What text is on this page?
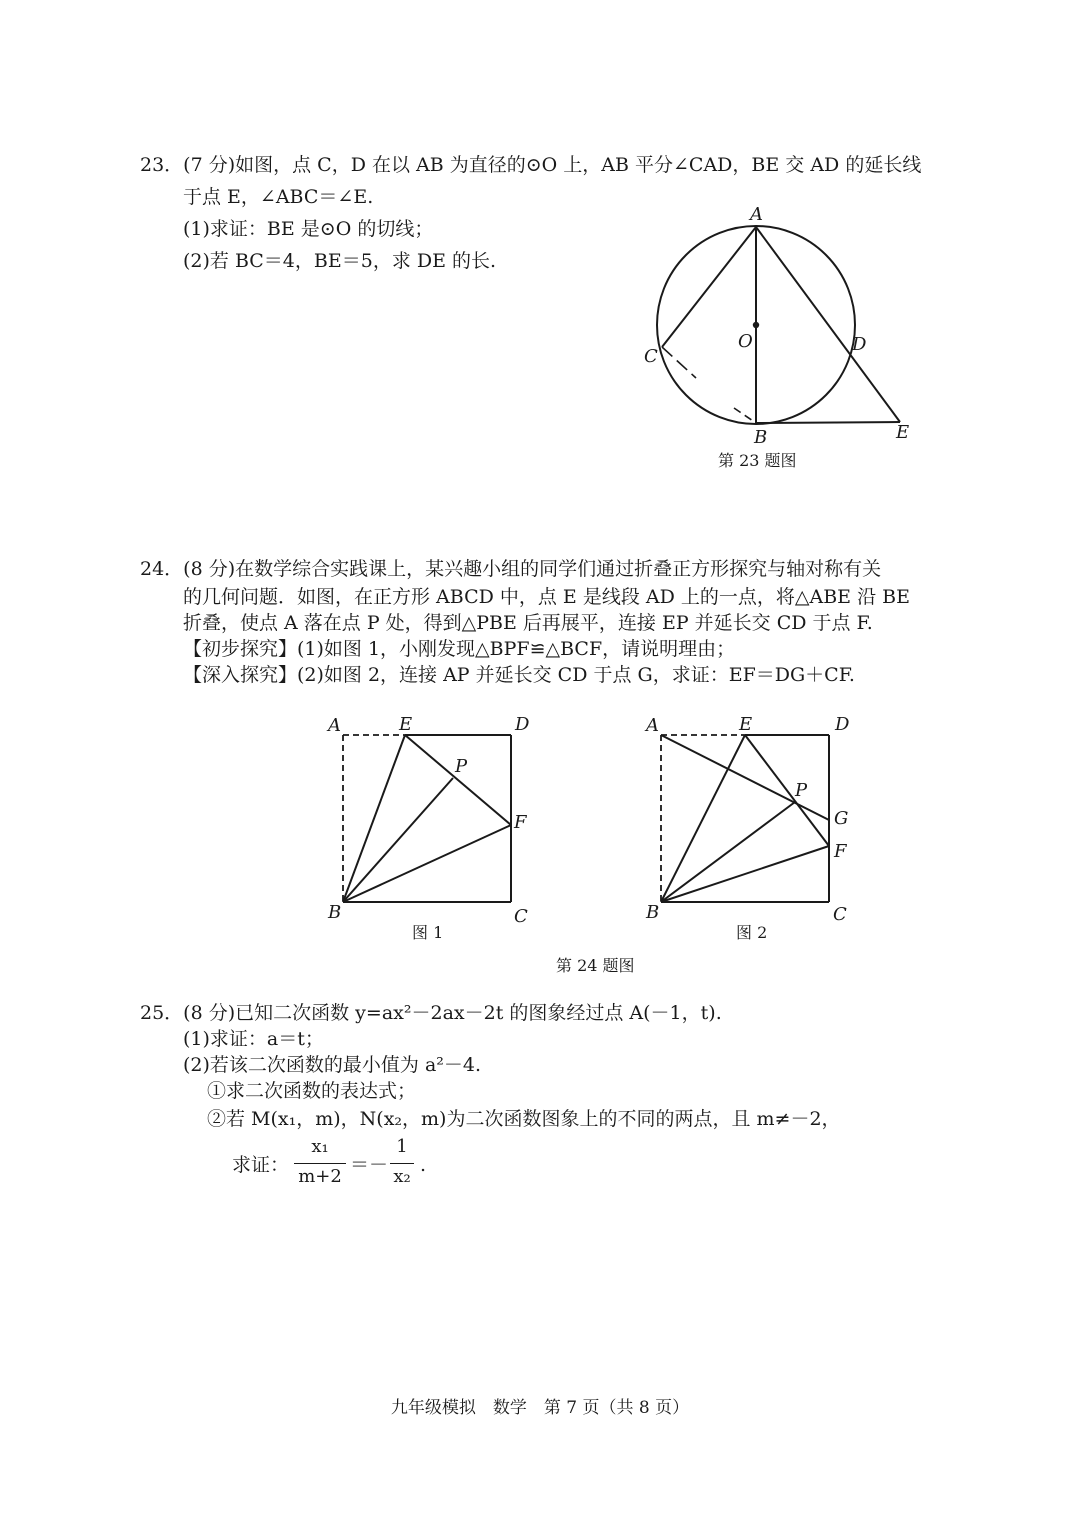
23．(7 分)如图，点 C，D 在以 AB 为直径的⊙O 上，AB 平分∠CAD，BE 交 AD 的延长线
于点 E，∠ABC＝∠E.
(1)求证：BE 是⊙O 的切线；
(2)若 BC＝4，BE＝5，求 DE 的长.
A
O
C
D
B	E
第 23 题图
24．(8 分)在数学综合实践课上，某兴趣小组的同学们通过折叠正方形探究与轴对称有关
的几何问题．如图，在正方形 ABCD 中，点 E 是线段 AD 上的一点，将△ABE 沿 BE
折叠，使点 A 落在点 P 处，得到△PBE 后再展平，连接 EP 并延长交 CD 于点 F.
【初步探究】(1)如图 1，小刚发现△BPF≌△BCF，请说明理由；
【深入探究】(2)如图 2，连接 AP 并延长交 CD 于点 G，求证：EF＝DG＋CF.
A	E	D
P
F
B	C
图 1
A	E	D
P
G
F
B	C
图 2
第 24 题图
25．(8 分)已知二次函数 y=ax²－2ax－2t 的图象经过点 A(－1，t).
(1)求证：a＝t；
(2)若该二次函数的最小值为 a²－4.
①求二次函数的表达式；
②若 M(x₁，m)，N(x₂，m)为二次函数图象上的不同的两点，且 m≠－2，
求证：
x₁
m+2
＝－
1
x₂
.
九年级模拟　数学　第 7 页（共 8 页）
